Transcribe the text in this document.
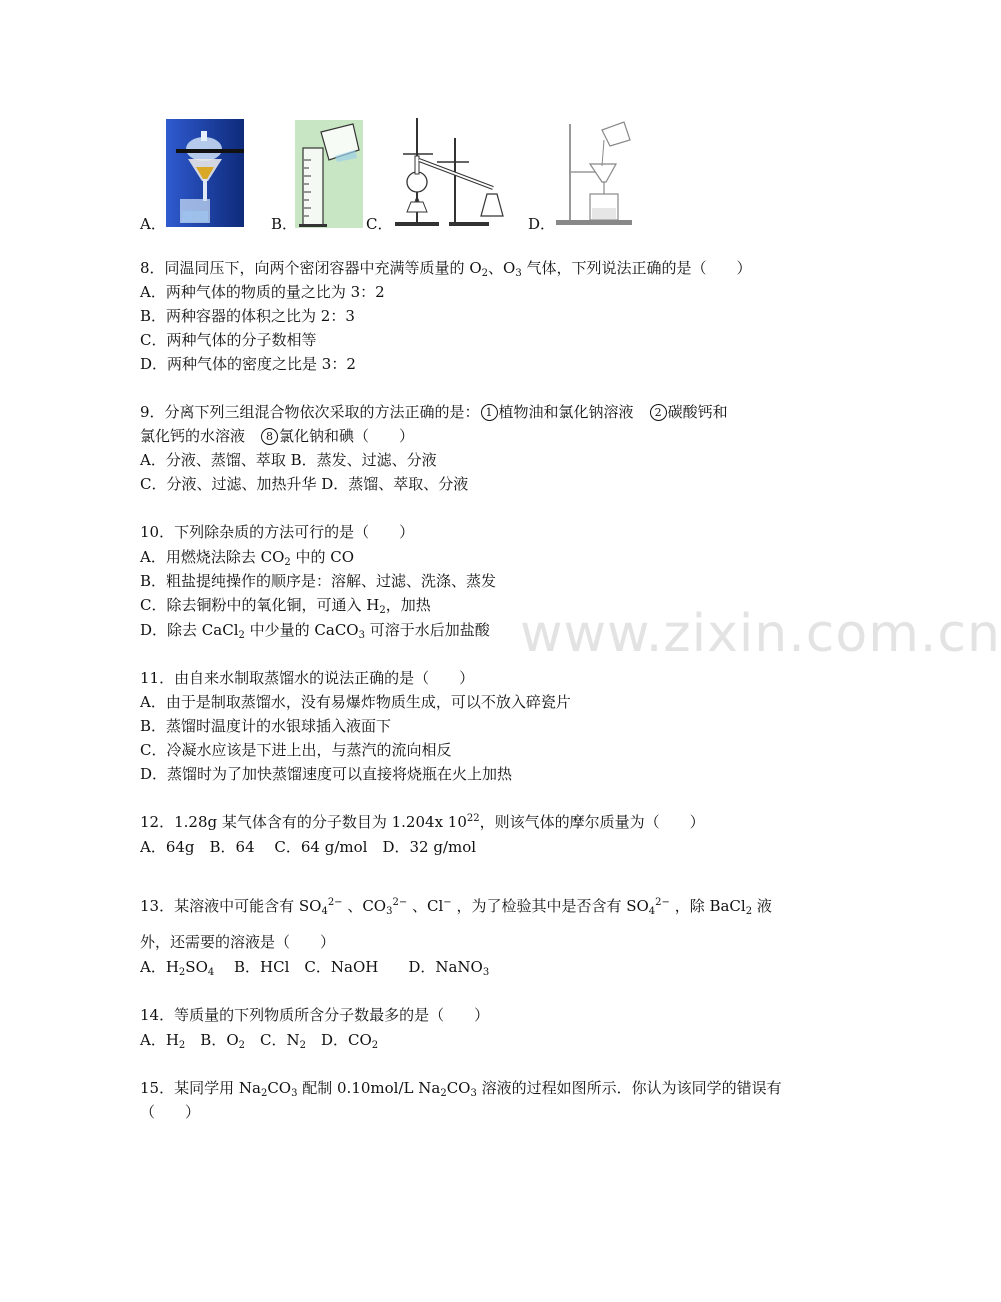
www.zixin.com.cn
A．	B．	C．	D．
8．同温同压下，向两个密闭容器中充满等质量的 $O_2$、$O_3$ 气体，下列说法正确的是（　　）
A．两种气体的物质的量之比为 3：2
B．两种容器的体积之比为 2：3
C．两种气体的分子数相等
D．两种气体的密度之比是 3：2
9．分离下列三组混合物依次采取的方法正确的是： 1 植物油和氯化钠溶液　2 碳酸钙和
氯化钙的水溶液　8 氯化钠和碘（　　）
A．分液、蒸馏、萃取 B．蒸发、过滤、分液
C．分液、过滤、加热升华 D．蒸馏、萃取、分液
10．下列除杂质的方法可行的是（　　）
A．用燃烧法除去 $CO_2$ 中的 CO
B．粗盐提纯操作的顺序是：溶解、过滤、洗涤、蒸发
C．除去铜粉中的氧化铜，可通入 $H_2$，加热
D．除去 CaCl$_2$ 中少量的 CaCO$_3$ 可溶于水后加盐酸
11．由自来水制取蒸馏水的说法正确的是（　　）
A．由于是制取蒸馏水，没有易爆炸物质生成，可以不放入碎瓷片
B．蒸馏时温度计的水银球插入液面下
C．冷凝水应该是下进上出，与蒸汽的流向相反
D．蒸馏时为了加快蒸馏速度可以直接将烧瓶在火上加热
12．1.28g 某气体含有的分子数目为 1.204x $10^{22}$，则该气体的摩尔质量为（　　）
A．64g　B．64　 C．64 g/mol　D．32 g/mol
13．某溶液中可能含有 $SO_4^{2-}$ 、$CO_3^{2-}$ 、Cl− ，为了检验其中是否含有 $SO_4^{2-}$ ，除 BaCl$_2$ 液
外，还需要的溶液是（　　）
A．$H_2SO_4$　 B．HCl　C．NaOH　　D．NaNO$_3$
14．等质量的下列物质所含分子数最多的是（　　）
A．$H_2$　B．$O_2$　C．$N_2$　D．$CO_2$
15．某同学用 $Na_2CO_3$ 配制 0.10mol/L $Na_2CO_3$ 溶液的过程如图所示．你认为该同学的错误有
（　　）
